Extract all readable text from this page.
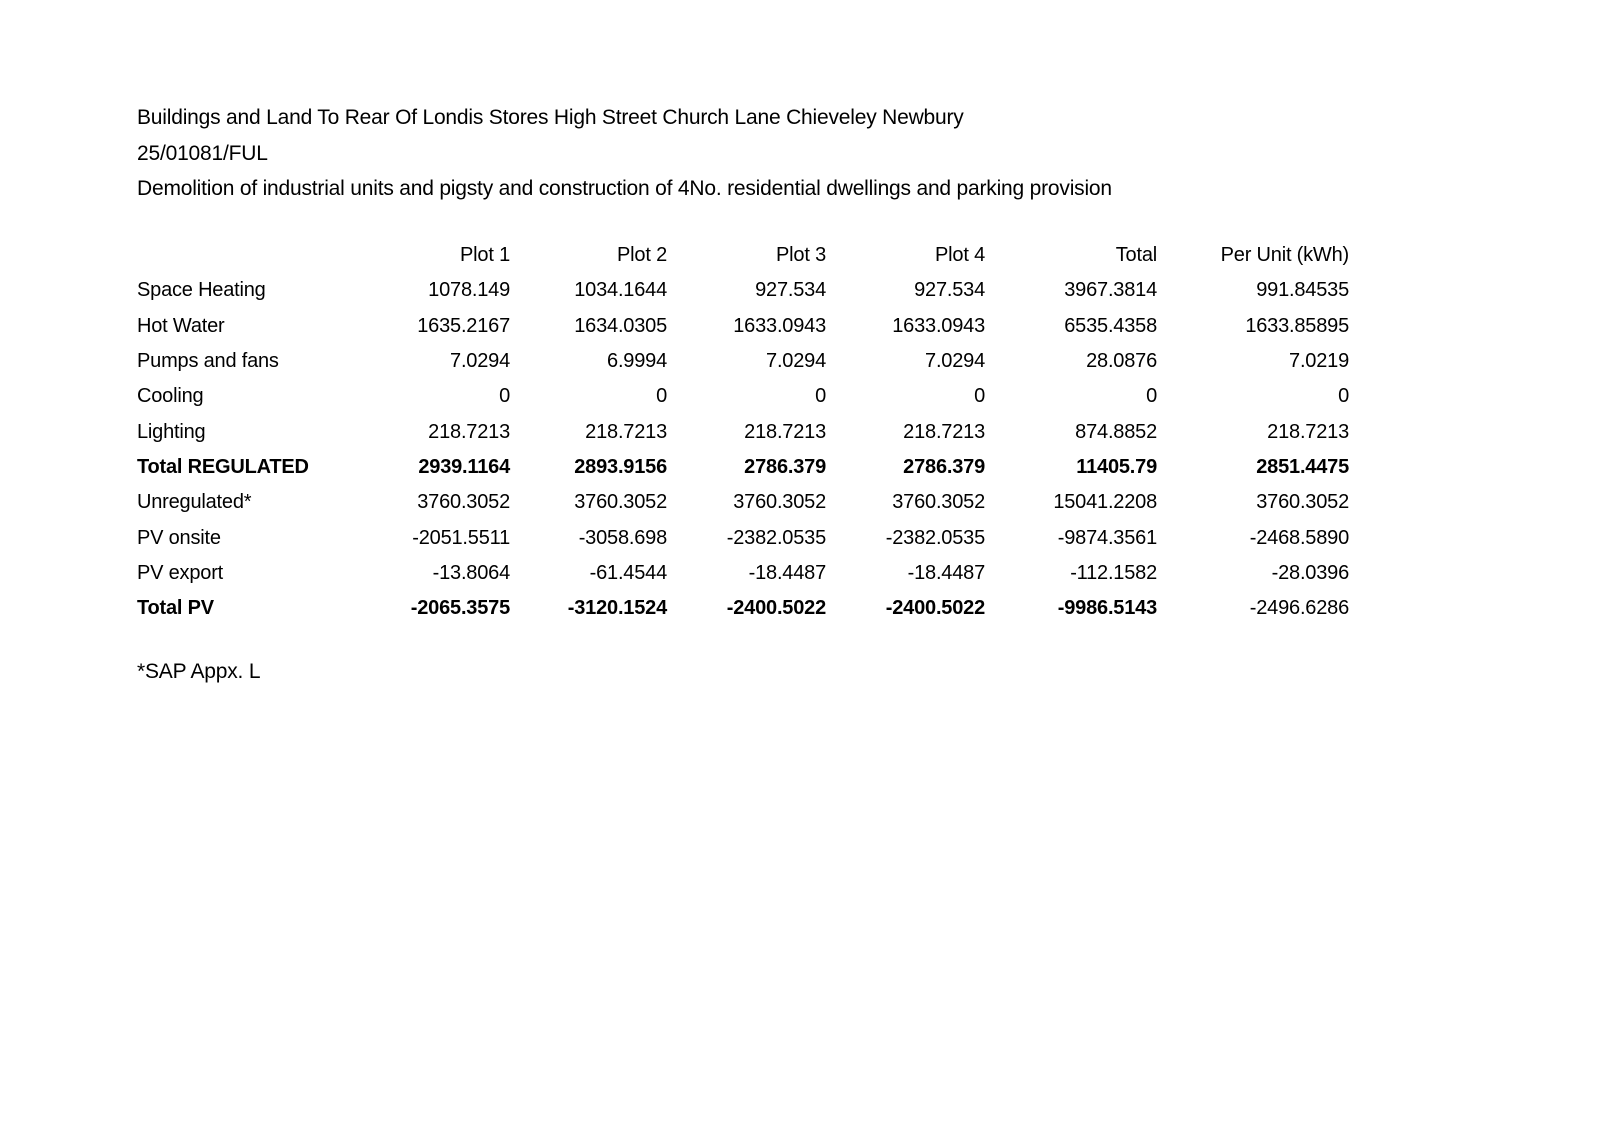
Buildings and Land To Rear Of Londis Stores High Street Church Lane Chieveley Newbury
25/01081/FUL
Demolition of industrial units and pigsty and construction of 4No. residential dwellings and parking provision
	Plot 1	Plot 2	Plot 3	Plot 4	Total	Per Unit (kWh)
Space Heating	1078.149	1034.1644	927.534	927.534	3967.3814	991.84535
Hot Water	1635.2167	1634.0305	1633.0943	1633.0943	6535.4358	1633.85895
Pumps and fans	7.0294	6.9994	7.0294	7.0294	28.0876	7.0219
Cooling	0	0	0	0	0	0
Lighting	218.7213	218.7213	218.7213	218.7213	874.8852	218.7213
Total REGULATED	2939.1164	2893.9156	2786.379	2786.379	11405.79	2851.4475
Unregulated*	3760.3052	3760.3052	3760.3052	3760.3052	15041.2208	3760.3052
PV onsite	-2051.5511	-3058.698	-2382.0535	-2382.0535	-9874.3561	-2468.5890
PV export	-13.8064	-61.4544	-18.4487	-18.4487	-112.1582	-28.0396
Total PV	-2065.3575	-3120.1524	-2400.5022	-2400.5022	-9986.5143	-2496.6286
*SAP Appx. L
